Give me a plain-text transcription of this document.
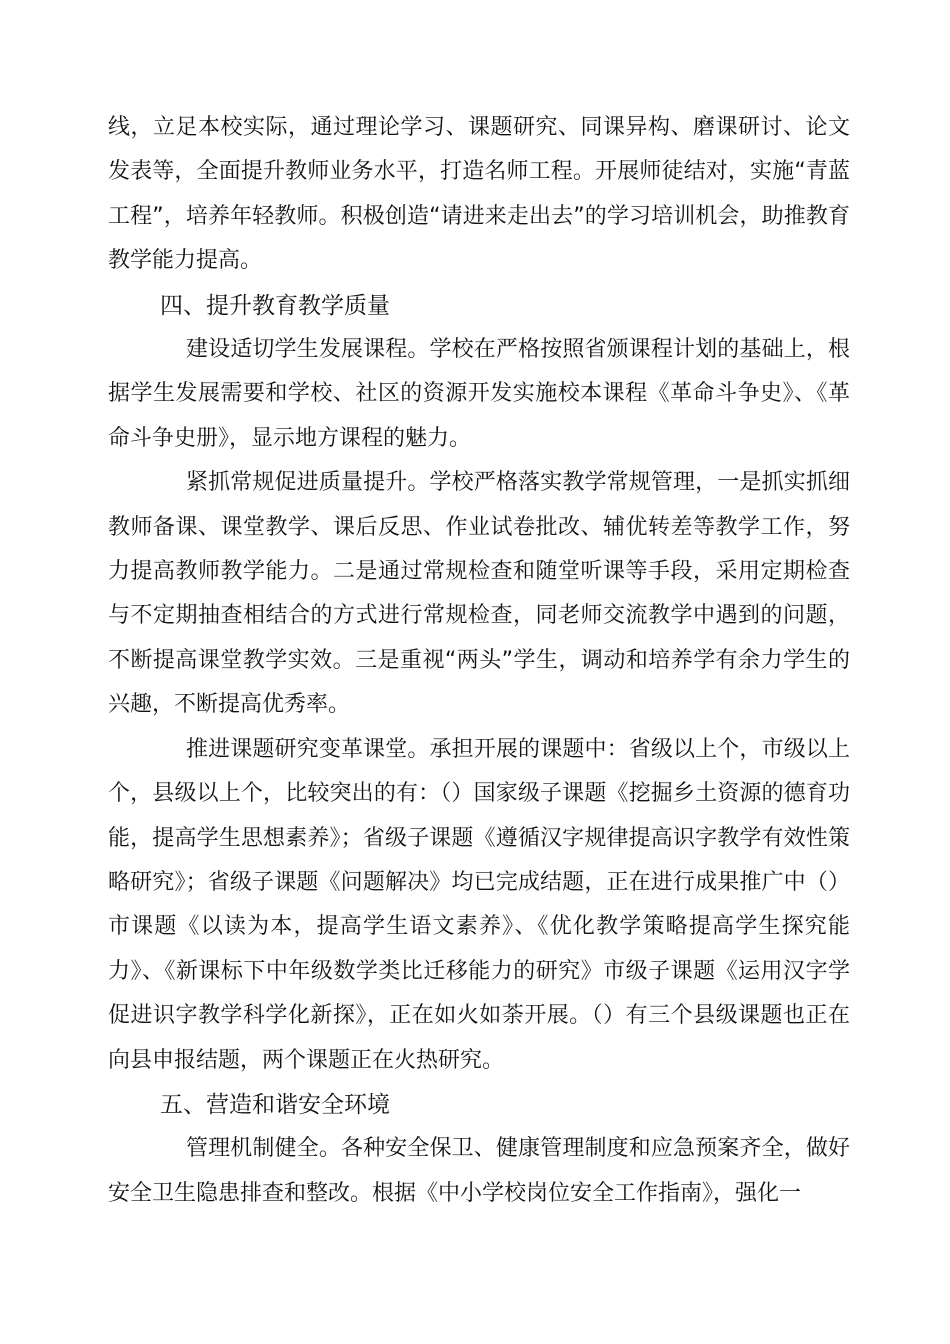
线，立足本校实际，通过理论学习、课题研究、同课异构、磨课研讨、论文发表等，全面提升教师业务水平，打造名师工程。开展师徒结对，实施“青蓝工程”，培养年轻教师。积极创造“请进来走出去”的学习培训机会，助推教育教学能力提高。

四、提升教育教学质量

建设适切学生发展课程。学校在严格按照省颁课程计划的基础上，根据学生发展需要和学校、社区的资源开发实施校本课程《革命斗争史》、《革命斗争史册》，显示地方课程的魅力。

紧抓常规促进质量提升。学校严格落实教学常规管理，一是抓实抓细教师备课、课堂教学、课后反思、作业试卷批改、辅优转差等教学工作，努力提高教师教学能力。二是通过常规检查和随堂听课等手段，采用定期检查与不定期抽查相结合的方式进行常规检查，同老师交流教学中遇到的问题，不断提高课堂教学实效。三是重视“两头”学生，调动和培养学有余力学生的兴趣，不断提高优秀率。

推进课题研究变革课堂。承担开展的课题中：省级以上个，市级以上个，县级以上个，比较突出的有：（）国家级子课题《挖掘乡土资源的德育功能，提高学生思想素养》；省级子课题《遵循汉字规律提高识字教学有效性策略研究》；省级子课题《问题解决》均已完成结题，正在进行成果推广中（）市课题《以读为本，提高学生语文素养》、《优化教学策略提高学生探究能力》、《新课标下中年级数学类比迁移能力的研究》市级子课题《运用汉字学促进识字教学科学化新探》，正在如火如荼开展。（）有三个县级课题也正在向县申报结题，两个课题正在火热研究。

五、营造和谐安全环境

管理机制健全。各种安全保卫、健康管理制度和应急预案齐全，做好安全卫生隐患排查和整改。根据《中小学校岗位安全工作指南》，强化一
